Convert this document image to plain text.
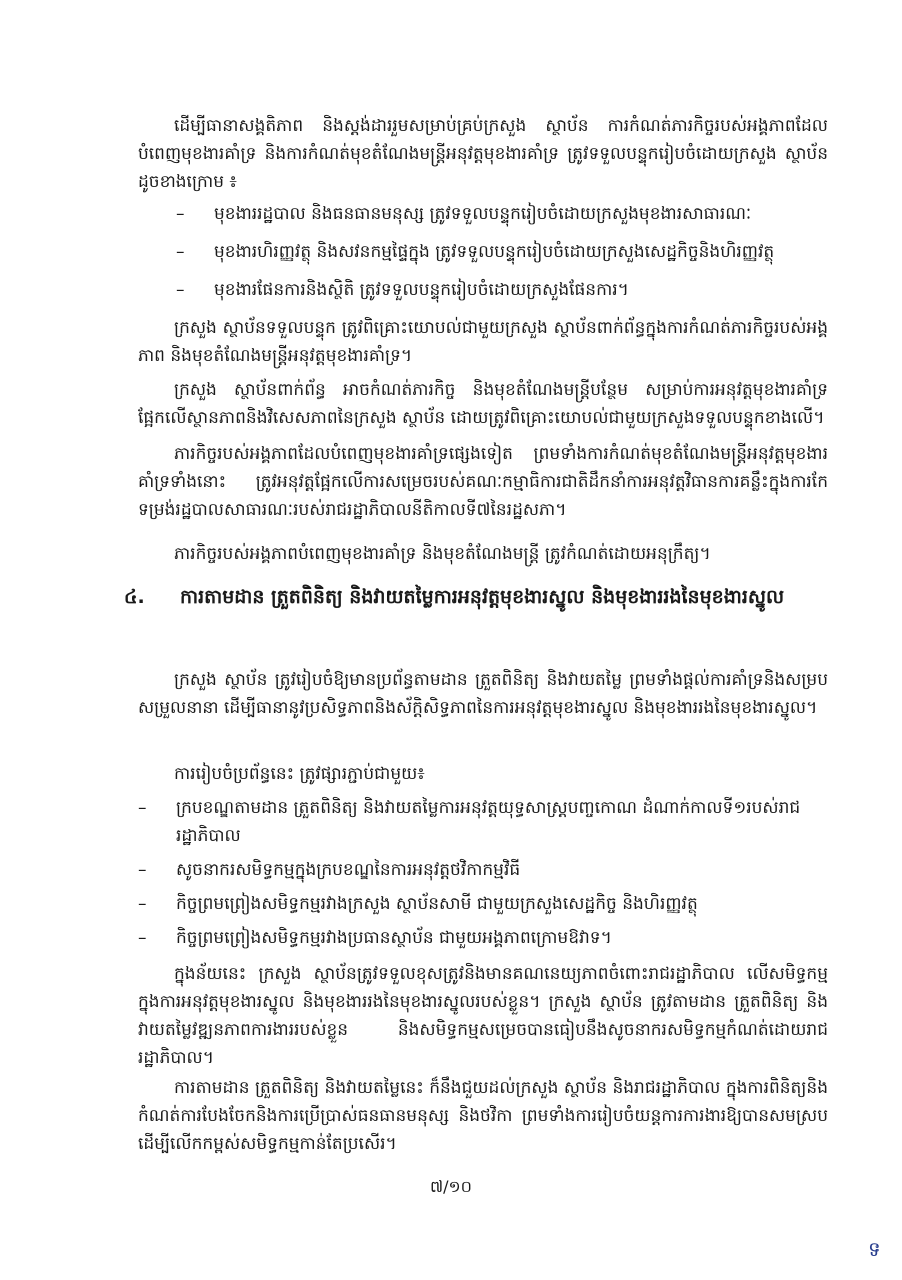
ដើម្បីធានាសង្គតិភាព និងស្តង់ដាររួមសម្រាប់គ្រប់ក្រសួង ស្ថាប័ន ការកំណត់ភារកិច្ចរបស់អង្គភាពដែលបំពេញមុខងារគាំទ្រ និងការកំណត់មុខតំណែងមន្ត្រីអនុវត្តមុខងារគាំទ្រ ត្រូវទទួលបន្ទុករៀបចំដោយក្រសួង ស្ថាប័ន ដូចខាងក្រោម ៖

– មុខងាររដ្ឋបាល និងធនធានមនុស្ស ត្រូវទទួលបន្ទុករៀបចំដោយក្រសួងមុខងារសាធារណៈ

– មុខងារហិរញ្ញវត្ថុ និងសវនកម្មផ្ទៃក្នុង ត្រូវទទួលបន្ទុករៀបចំដោយក្រសួងសេដ្ឋកិច្ចនិងហិរញ្ញវត្ថុ

– មុខងារផែនការនិងស្ថិតិ ត្រូវទទួលបន្ទុករៀបចំដោយក្រសួងផែនការ។

ក្រសួង ស្ថាប័នទទួលបន្ទុក ត្រូវពិគ្រោះយោបល់ជាមួយក្រសួង ស្ថាប័នពាក់ព័ន្ធក្នុងការកំណត់ភារកិច្ចរបស់អង្គភាព និងមុខតំណែងមន្ត្រីអនុវត្តមុខងារគាំទ្រ។

ក្រសួង ស្ថាប័នពាក់ព័ន្ធ អាចកំណត់ភារកិច្ច និងមុខតំណែងមន្ត្រីបន្ថែម សម្រាប់ការអនុវត្តមុខងារគាំទ្រផ្អែកលើស្ថានភាពនិងវិសេសភាពនៃក្រសួង ស្ថាប័ន ដោយត្រូវពិគ្រោះយោបល់ជាមួយក្រសួងទទួលបន្ទុកខាងលើ។

ភារកិច្ចរបស់អង្គភាពដែលបំពេញមុខងារគាំទ្រផ្សេងទៀត ព្រមទាំងការកំណត់មុខតំណែងមន្ត្រីអនុវត្តមុខងារគាំទ្រទាំងនោះ ត្រូវអនុវត្តផ្អែកលើការសម្រេចរបស់គណៈកម្មាធិការជាតិដឹកនាំការអនុវត្តវិធានការគន្លឹះក្នុងការកែទម្រង់រដ្ឋបាលសាធារណៈរបស់រាជរដ្ឋាភិបាលនីតិកាលទី៧នៃរដ្ឋសភា។

ភារកិច្ចរបស់អង្គភាពបំពេញមុខងារគាំទ្រ និងមុខតំណែងមន្ត្រី ត្រូវកំណត់ដោយអនុក្រឹត្យ។

៤.	ការតាមដាន ត្រួតពិនិត្យ និងវាយតម្លៃការអនុវត្តមុខងារស្នូល និងមុខងាររងនៃមុខងារស្នូល

ក្រសួង ស្ថាប័ន ត្រូវរៀបចំឱ្យមានប្រព័ន្ធតាមដាន ត្រួតពិនិត្យ និងវាយតម្លៃ ព្រមទាំងផ្តល់ការគាំទ្រនិងសម្របសម្រួលនានា ដើម្បីធានានូវប្រសិទ្ធភាពនិងស័ក្តិសិទ្ធភាពនៃការអនុវត្តមុខងារស្នូល និងមុខងាររងនៃមុខងារស្នូល។

ការរៀបចំប្រព័ន្ធនេះ ត្រូវផ្សារភ្ជាប់ជាមួយ៖

– ក្របខណ្ឌតាមដាន ត្រួតពិនិត្យ និងវាយតម្លៃការអនុវត្តយុទ្ធសាស្ត្របញ្ចកោណ ដំណាក់កាលទី១របស់រាជរដ្ឋាភិបាល

– សូចនាករសមិទ្ធកម្មក្នុងក្របខណ្ឌនៃការអនុវត្តថវិកាកម្មវិធី

– កិច្ចព្រមព្រៀងសមិទ្ធកម្មរវាងក្រសួង ស្ថាប័នសាមី ជាមួយក្រសួងសេដ្ឋកិច្ច និងហិរញ្ញវត្ថុ

– កិច្ចព្រមព្រៀងសមិទ្ធកម្មរវាងប្រធានស្ថាប័ន ជាមួយអង្គភាពក្រោមឱវាទ។

ក្នុងន័យនេះ ក្រសួង ស្ថាប័នត្រូវទទួលខុសត្រូវនិងមានគណនេយ្យភាពចំពោះរាជរដ្ឋាភិបាល លើសមិទ្ធកម្មក្នុងការអនុវត្តមុខងារស្នូល និងមុខងាររងនៃមុខងារស្នូលរបស់ខ្លួន។ ក្រសួង ស្ថាប័ន ត្រូវតាមដាន ត្រួតពិនិត្យ និងវាយតម្លៃវឌ្ឍនភាពការងាររបស់ខ្លួន និងសមិទ្ធកម្មសម្រេចបានធៀបនឹងសូចនាករសមិទ្ធកម្មកំណត់ដោយរាជរដ្ឋាភិបាល។

ការតាមដាន ត្រួតពិនិត្យ និងវាយតម្លៃនេះ ក៏នឹងជួយដល់ក្រសួង ស្ថាប័ន និងរាជរដ្ឋាភិបាល ក្នុងការពិនិត្យនិងកំណត់ការបែងចែកនិងការប្រើប្រាស់ធនធានមនុស្ស និងថវិកា ព្រមទាំងការរៀបចំយន្តការការងារឱ្យបានសមស្របដើម្បីលើកកម្ពស់សមិទ្ធកម្មកាន់តែប្រសើរ។

៧/១០
ទ
